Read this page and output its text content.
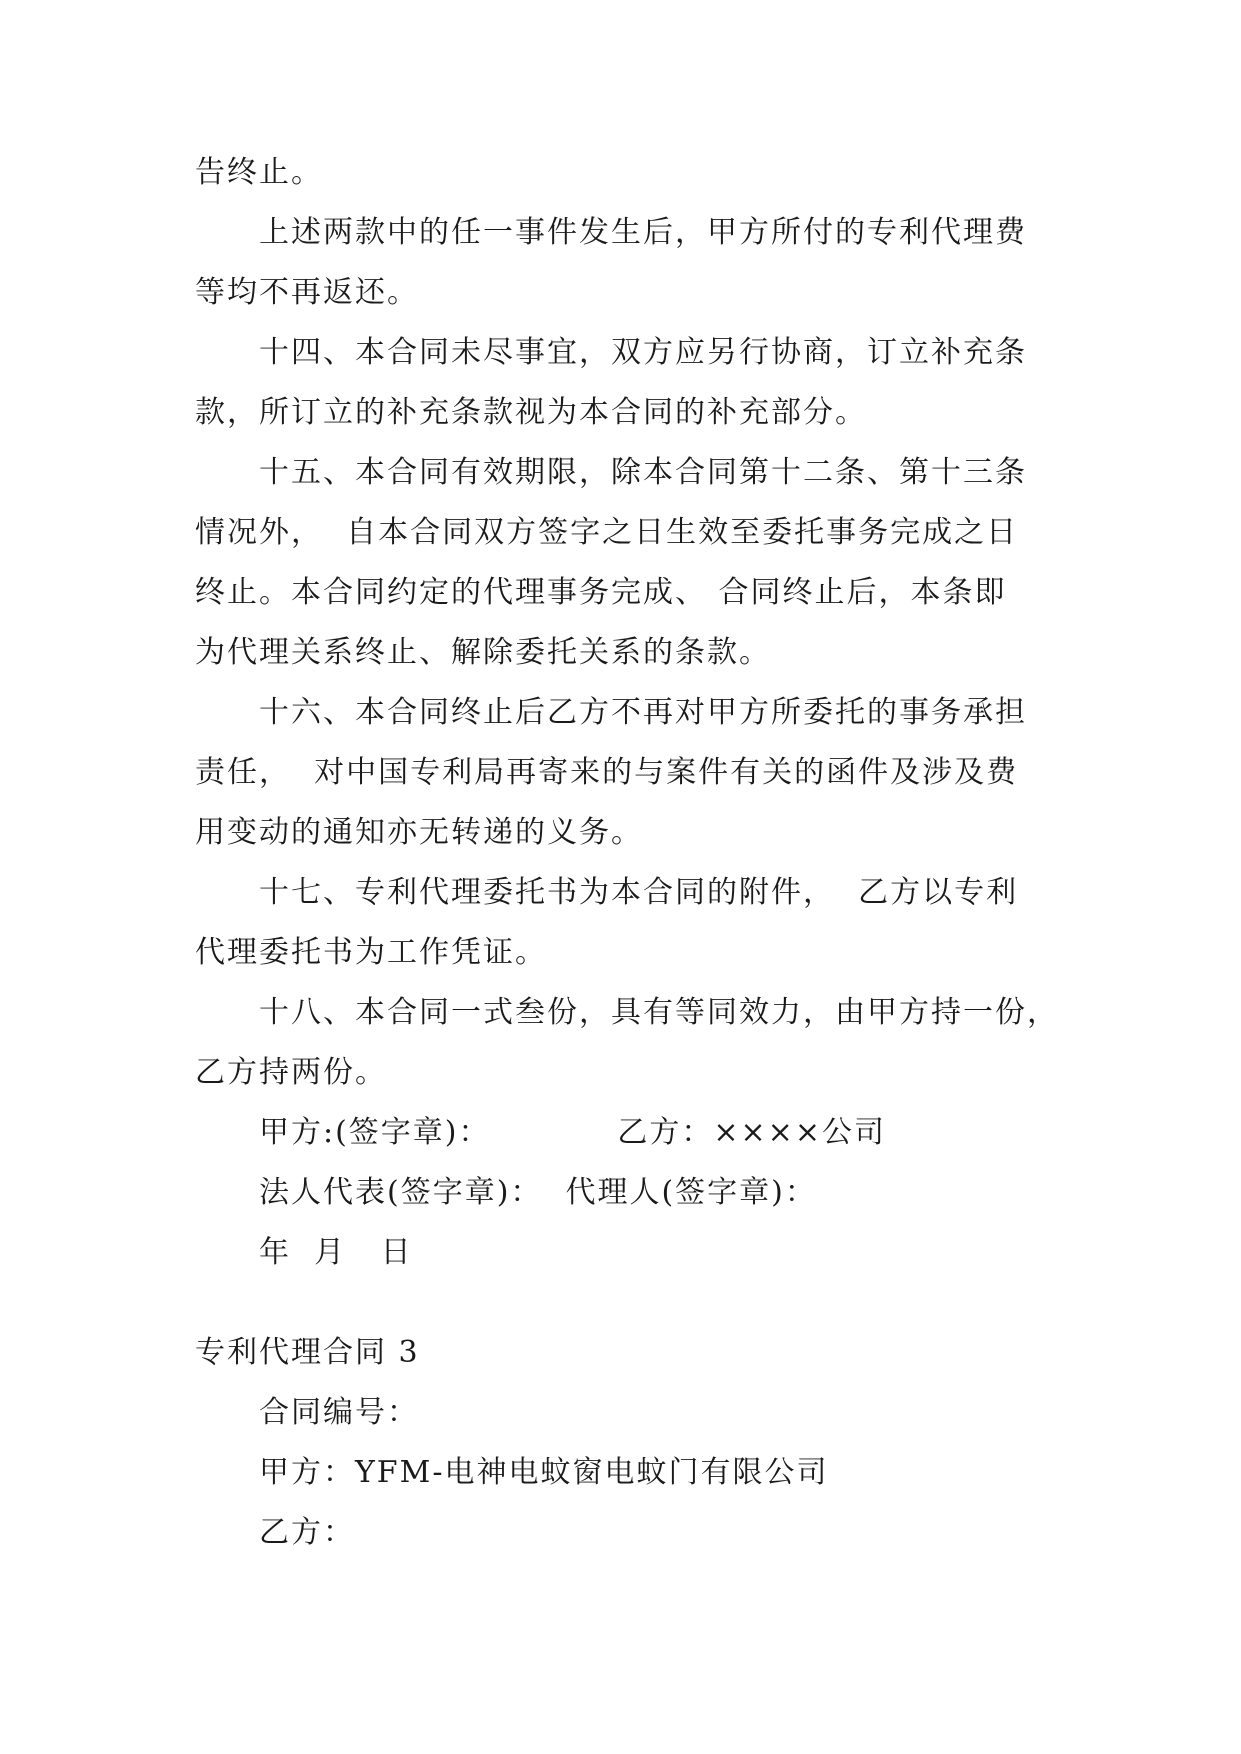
告终止。

上述两款中的任一事件发生后，甲方所付的专利代理费

等均不再返还。

十四、本合同未尽事宜，双方应另行协商，订立补充条

款，所订立的补充条款视为本合同的补充部分。

十五、本合同有效期限，除本合同第十二条、第十三条

情况外，  自本合同双方签字之日生效至委托事务完成之日

终止。本合同约定的代理事务完成、 合同终止后，本条即

为代理关系终止、解除委托关系的条款。

十六、本合同终止后乙方不再对甲方所委托的事务承担

责任，  对中国专利局再寄来的与案件有关的函件及涉及费

用变动的通知亦无转递的义务。

十七、专利代理委托书为本合同的附件，  乙方以专利

代理委托书为工作凭证。

十八、本合同一式叁份，具有等同效力，由甲方持一份，

乙方持两份。

甲方:(签字章)：           乙方：××××公司

法人代表(签字章)：  代理人(签字章)：

年  月   日

专利代理合同 3

合同编号：

甲方：YFM-电神电蚊窗电蚊门有限公司

乙方：
